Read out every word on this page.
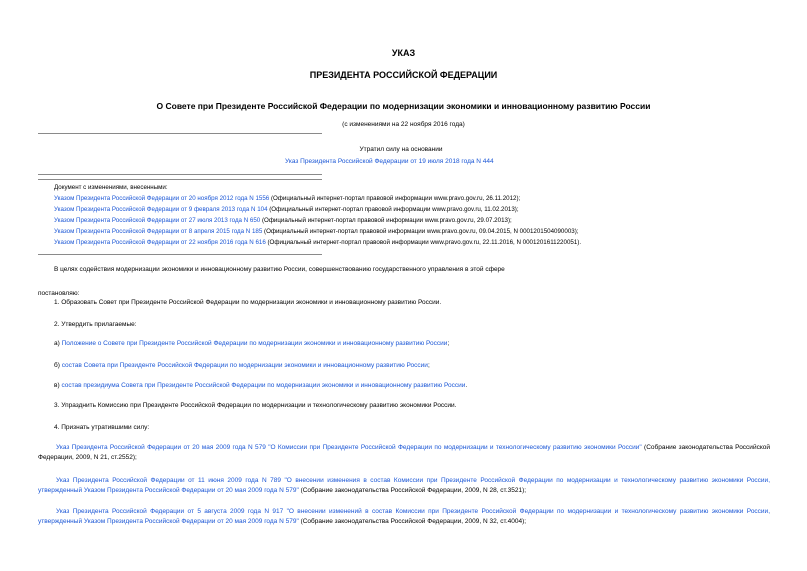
УКАЗ
ПРЕЗИДЕНТА РОССИЙСКОЙ ФЕДЕРАЦИИ
О Совете при Президенте Российской Федерации по модернизации экономики и инновационному развитию России
(с изменениями на 22 ноября 2016 года)
Утратил силу на основании
Указ Президента Российской Федерации от 19 июля 2018 года N 444
Документ с изменениями, внесенными:
Указом Президента Российской Федерации от 20 ноября 2012 года N 1556 (Официальный интернет-портал правовой информации www.pravo.gov.ru, 26.11.2012);
Указом Президента Российской Федерации от 9 февраля 2013 года N 104 (Официальный интернет-портал правовой информации www.pravo.gov.ru, 11.02.2013);
Указом Президента Российской Федерации от 27 июля 2013 года N 650 (Официальный интернет-портал правовой информации www.pravo.gov.ru, 29.07.2013);
Указом Президента Российской Федерации от 8 апреля 2015 года N 185 (Официальный интернет-портал правовой информации www.pravo.gov.ru, 09.04.2015, N 0001201504090003);
Указом Президента Российской Федерации от 22 ноября 2016 года N 616 (Официальный интернет-портал правовой информации www.pravo.gov.ru, 22.11.2016, N 0001201611220051).
В целях содействия модернизации экономики и инновационному развитию России, совершенствованию государственного управления в этой сфере
постановляю:
1. Образовать Совет при Президенте Российской Федерации по модернизации экономики и инновационному развитию России.
2. Утвердить прилагаемые:
а) Положение о Совете при Президенте Российской Федерации по модернизации экономики и инновационному развитию России;
б) состав Совета при Президенте Российской Федерации по модернизации экономики и инновационному развитию России;
в) состав президиума Совета при Президенте Российской Федерации по модернизации экономики и инновационному развитию России.
3. Упразднить Комиссию при Президенте Российской Федерации по модернизации и технологическому развитию экономики России.
4. Признать утратившими силу:
Указ Президента Российской Федерации от 20 мая 2009 года N 579 "О Комиссии при Президенте Российской Федерации по модернизации и технологическому развитию экономики России" (Собрание законодательства Российской Федерации, 2009, N 21, ст.2552);
Указ Президента Российской Федерации от 11 июня 2009 года N 789 "О внесении изменения в состав Комиссии при Президенте Российской Федерации по модернизации и технологическому развитию экономики России, утвержденный Указом Президента Российской Федерации от 20 мая 2009 года N 579" (Собрание законодательства Российской Федерации, 2009, N 28, ст.3521);
Указ Президента Российской Федерации от 5 августа 2009 года N 917 "О внесении изменений в состав Комиссии при Президенте Российской Федерации по модернизации и технологическому развитию экономики России, утвержденный Указом Президента Российской Федерации от 20 мая 2009 года N 579" (Собрание законодательства Российской Федерации, 2009, N 32, ст.4004);
